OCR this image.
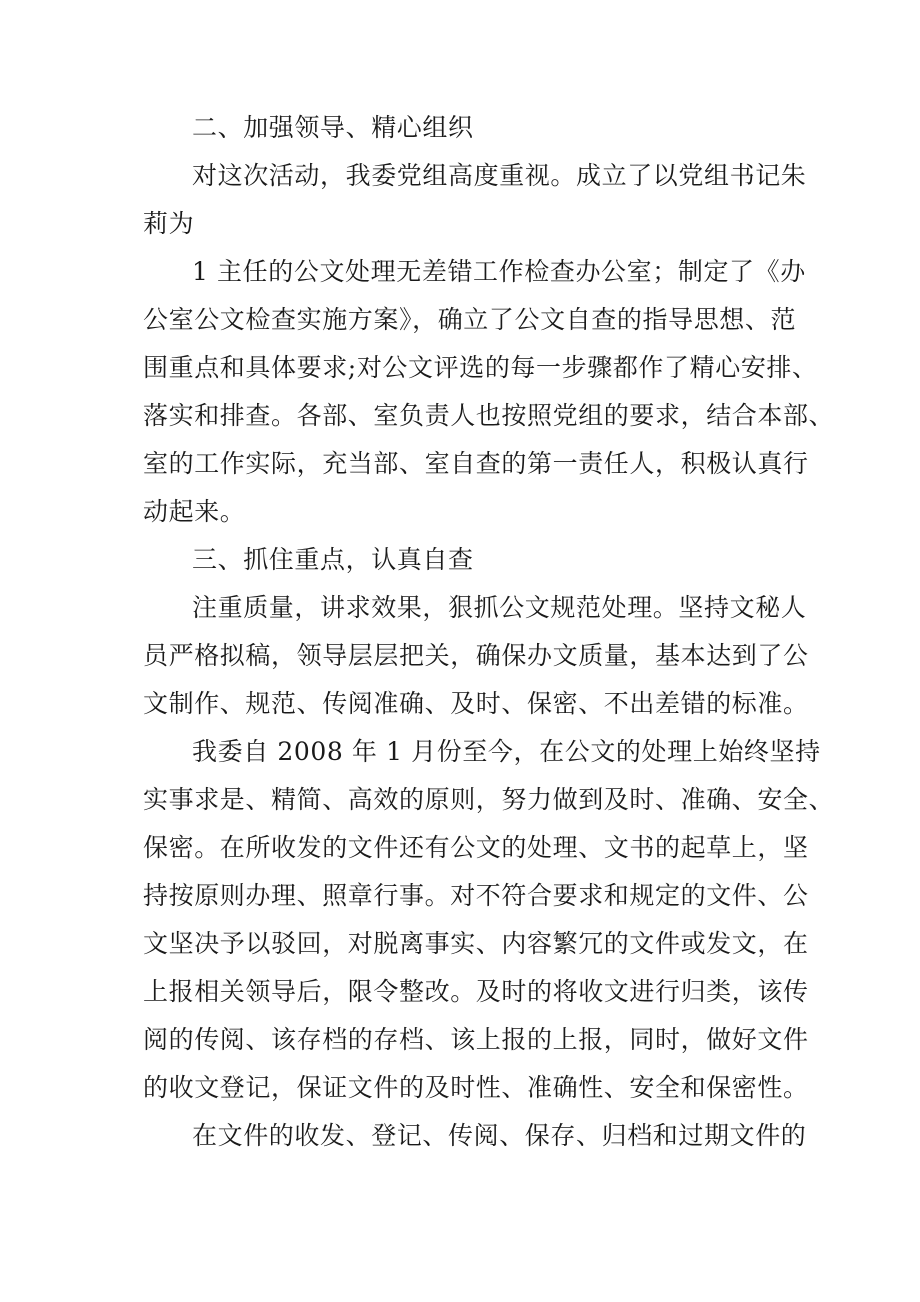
二、加强领导、精心组织
对这次活动，我委党组高度重视。成立了以党组书记朱
莉为
1 主任的公文处理无差错工作检查办公室；制定了《办
公室公文检查实施方案》，确立了公文自查的指导思想、范
围重点和具体要求;对公文评选的每一步骤都作了精心安排、
落实和排查。各部、室负责人也按照党组的要求，结合本部、
室的工作实际，充当部、室自查的第一责任人，积极认真行
动起来。
三、抓住重点，认真自查
注重质量，讲求效果，狠抓公文规范处理。坚持文秘人
员严格拟稿，领导层层把关，确保办文质量，基本达到了公
文制作、规范、传阅准确、及时、保密、不出差错的标准。
我委自 2008 年 1 月份至今，在公文的处理上始终坚持
实事求是、精简、高效的原则，努力做到及时、准确、安全、
保密。在所收发的文件还有公文的处理、文书的起草上，坚
持按原则办理、照章行事。对不符合要求和规定的文件、公
文坚决予以驳回，对脱离事实、内容繁冗的文件或发文，在
上报相关领导后，限令整改。及时的将收文进行归类，该传
阅的传阅、该存档的存档、该上报的上报，同时，做好文件
的收文登记，保证文件的及时性、准确性、安全和保密性。
在文件的收发、登记、传阅、保存、归档和过期文件的
